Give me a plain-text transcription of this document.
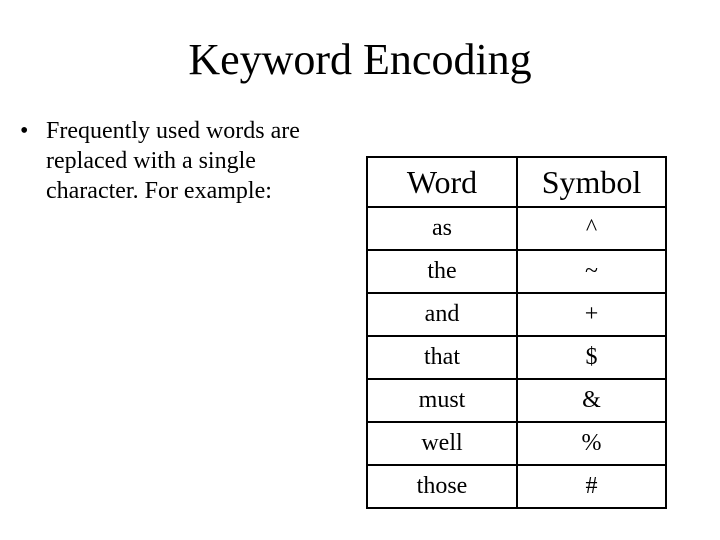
Keyword Encoding
• Frequently used words are replaced with a single character. For example:	Word	Symbol
as	^
the	~
and	+
that	$
must	&
well	%
those	#
